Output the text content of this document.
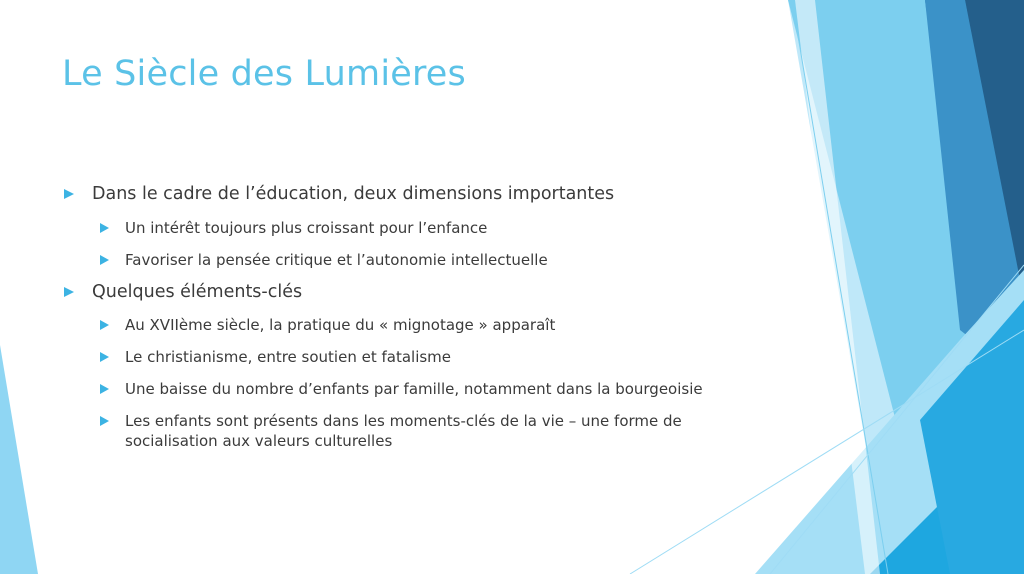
Le Siècle des Lumières
Dans le cadre de l’éducation, deux dimensions importantes
Un intérêt toujours plus croissant pour l’enfance
Favoriser la pensée critique et l’autonomie intellectuelle
Quelques éléments-clés
Au XVIIème siècle, la pratique du « mignotage » apparaît
Le christianisme, entre soutien et fatalisme
Une baisse du nombre d’enfants par famille, notamment dans la bourgeoisie
Les enfants sont présents dans les moments-clés de la vie – une forme de socialisation aux valeurs culturelles
